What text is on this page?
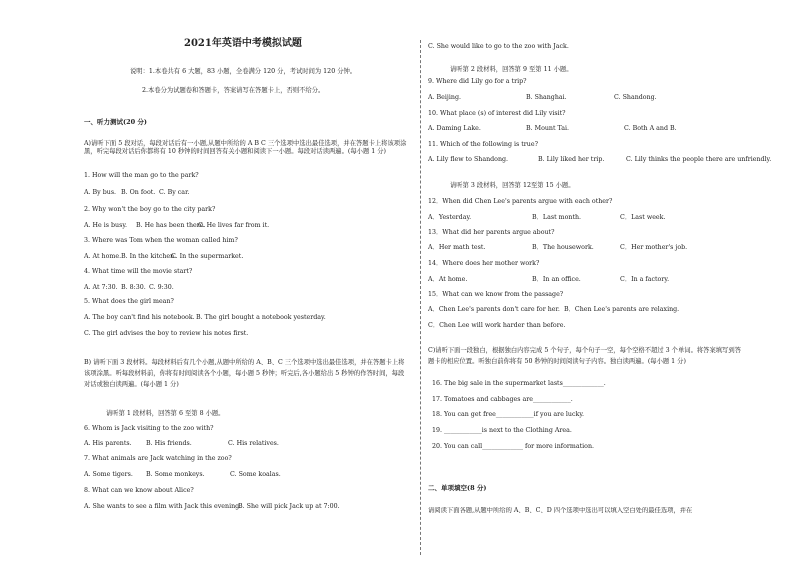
2021年英语中考模拟试题
说明：1.本卷共有 6 大题，83 小题，全卷满分 120 分，考试时间为 120 分钟。
2.本卷分为试题卷和答题卡，答案请写在答题卡上，否则不给分。
一、听力测试(20 分)
A)请听下面 5 段对话，每段对话后有一小题,从题中所给的 A B C 三个选项中选出最佳选项，并在答题卡上将该项涂黑，听完每段对话后你都将有 10 秒钟的时间回答有关小题和阅读下一小题。每段对话读两遍。(每小题 1 分)
1. How will the man go to the park?
A. By bus. B. On foot. C. By car.
2. Why won't the boy go to the city park?
A. He is busy. B. He has been there.C. He lives far from it.
3. Where was Tom when the woman called him?
A. At home.B. In the kitchen.C. In the supermarket.
4. What time will the movie start?
A. At 7:30. B. 8:30. C. 9:30.
5. What does the girl mean?
A. The boy can't find his notebook. B. The girl bought a notebook yesterday.
C. The girl advises the boy to review his notes first.
B) 请听下面 3 段材料。每段材料后有几个小题,从题中所给的 A、B、C 三个选项中选出最佳选项，并在答题卡上将该项涂黑。听每段材料前，你将有时间阅读各个小题，每小题 5 秒钟；听完后,各小题给出 5 秒钟的作答时间，每段对话或独白读两遍。(每小题 1 分)
请听第 1 段材料，回答第 6 至第 8 小题。
6. Whom is Jack visiting to the zoo with?
A. His parents. B. His friends.	C. His relatives.
7. What animals are Jack watching in the zoo?
A. Some tigers. B. Some monkeys.	C. Some koalas.
8. What can we know about Alice?
A. She wants to see a film with Jack this evening.
B. She will pick Jack up at 7:00.
C. She would like to go to the zoo with Jack.
请听第 2 段材料，回答第 9 至第 11 小题。
9. Where did Lily go for a trip?
A. Beijing.	B. Shanghai.	C. Shandong.
10. What place (s) of interest did Lily visit?
A. Daming Lake.	B. Mount Tai.	C. Both A and B.
11. Which of the following is true?
A. Lily flew to Shandong.	B. Lily liked her trip.	C. Lily thinks the people there are unfriendly.
请听第 3 段材料，回答第 12至第 15 小题。
12．When did Chen Lee's parents argue with each other?
A．Yesterday.	B．Last month.	C．Last week.
13．What did her parents argue about?
A．Her math test.	B．The housework.	C．Her mother's job.
14．Where does her mother work?
A．At home.	B．In an office.	C．In a factory.
15．What can we know from the passage?
A．Chen Lee's parents don't care for her. B．Chen Lee's parents are relaxing.
C．Chen Lee will work harder than before.
C)请听下面一段独白，根据独白内容完成 5 个句子，每个句子一空，每个空格不超过 3 个单词。将答案填写到答题卡的相应位置。听独白前你将有 50 秒钟的时间阅读句子内容。独白读两遍。(每小题 1 分)
16. The big sale in the supermarket lasts_____________.
17. Tomatoes and cabbages are____________.
18. You can get free____________if you are lucky.
19. ____________is next to the Clothing Area.
20. You can call_____________ for more information.
二、单项填空(8 分)
请阅读下面各题,从题中所给的 A、B、C、D 四个选项中选出可以填入空白处的最佳选项，并在
